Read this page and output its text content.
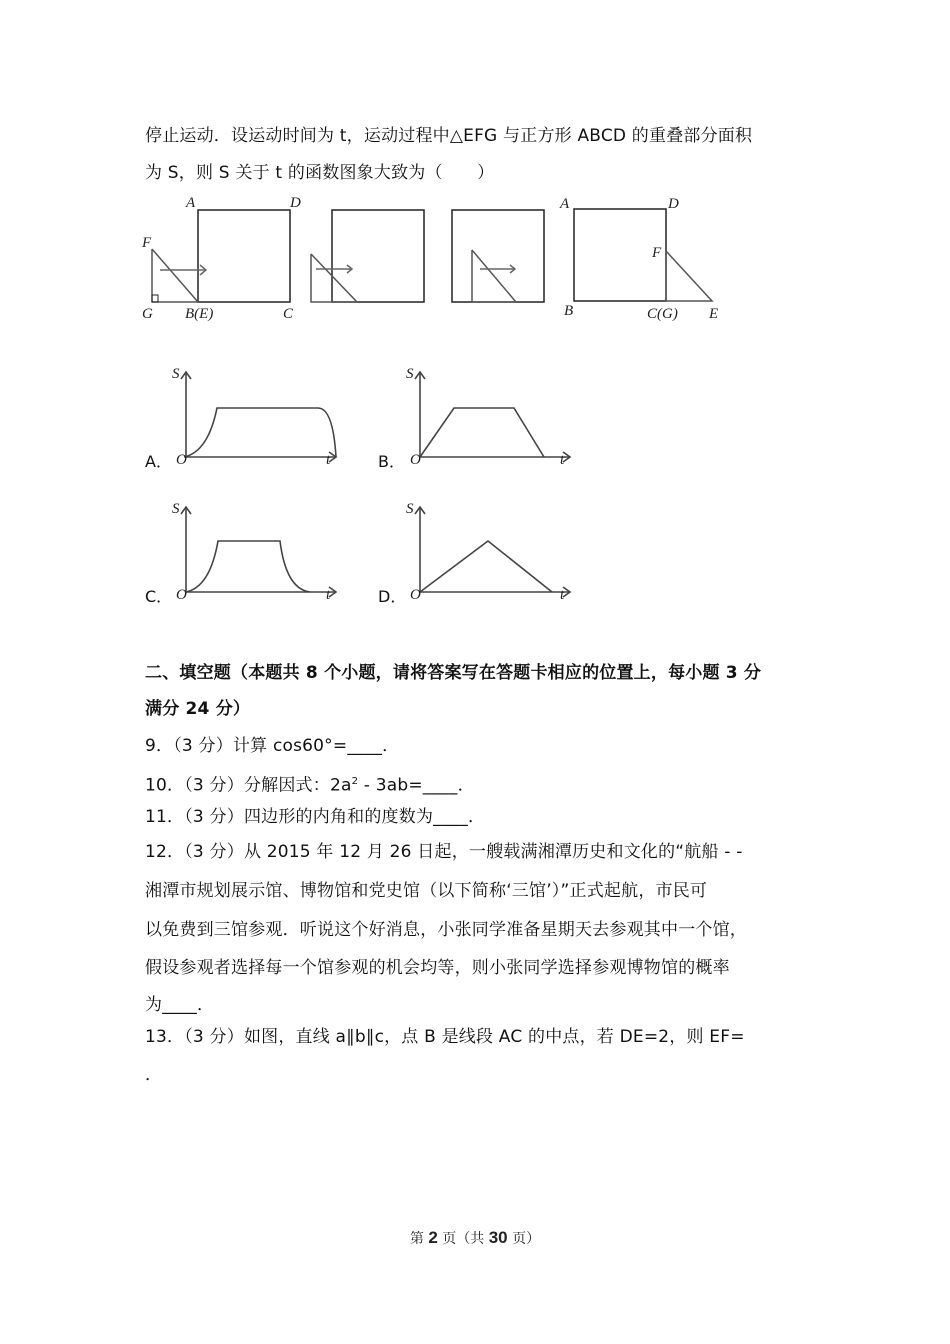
停止运动．设运动时间为 t，运动过程中△EFG 与正方形 ABCD 的重叠部分面积
为 S，则 S 关于 t 的函数图象大致为（　　）
A	D
F
G B(E)	C
A	D
F
B	C(G) E
A．
S
O	t	B．
S
O	t
C．
S
O	t	D．
S
O	t
二、填空题（本题共 8 个小题，请将答案写在答题卡相应的位置上，每小题 3 分
满分 24 分）
9．（3 分）计算 cos60°=____．
10．（3 分）分解因式：$2a^2$ - 3ab=____．
11．（3 分）四边形的内角和的度数为____．
12．（3 分）从 2015 年 12 月 26 日起，一艘载满湘潭历史和文化的“航船 - -
湘潭市规划展示馆、博物馆和党史馆（以下简称‘三馆’）”正式起航，市民可
以免费到三馆参观．听说这个好消息，小张同学准备星期天去参观其中一个馆，
假设参观者选择每一个馆参观的机会均等，则小张同学选择参观博物馆的概率
为____．
13．（3 分）如图，直线 a∥b∥c，点 B 是线段 AC 的中点，若 DE=2，则 EF=
．
第 2 页（共 30 页）
